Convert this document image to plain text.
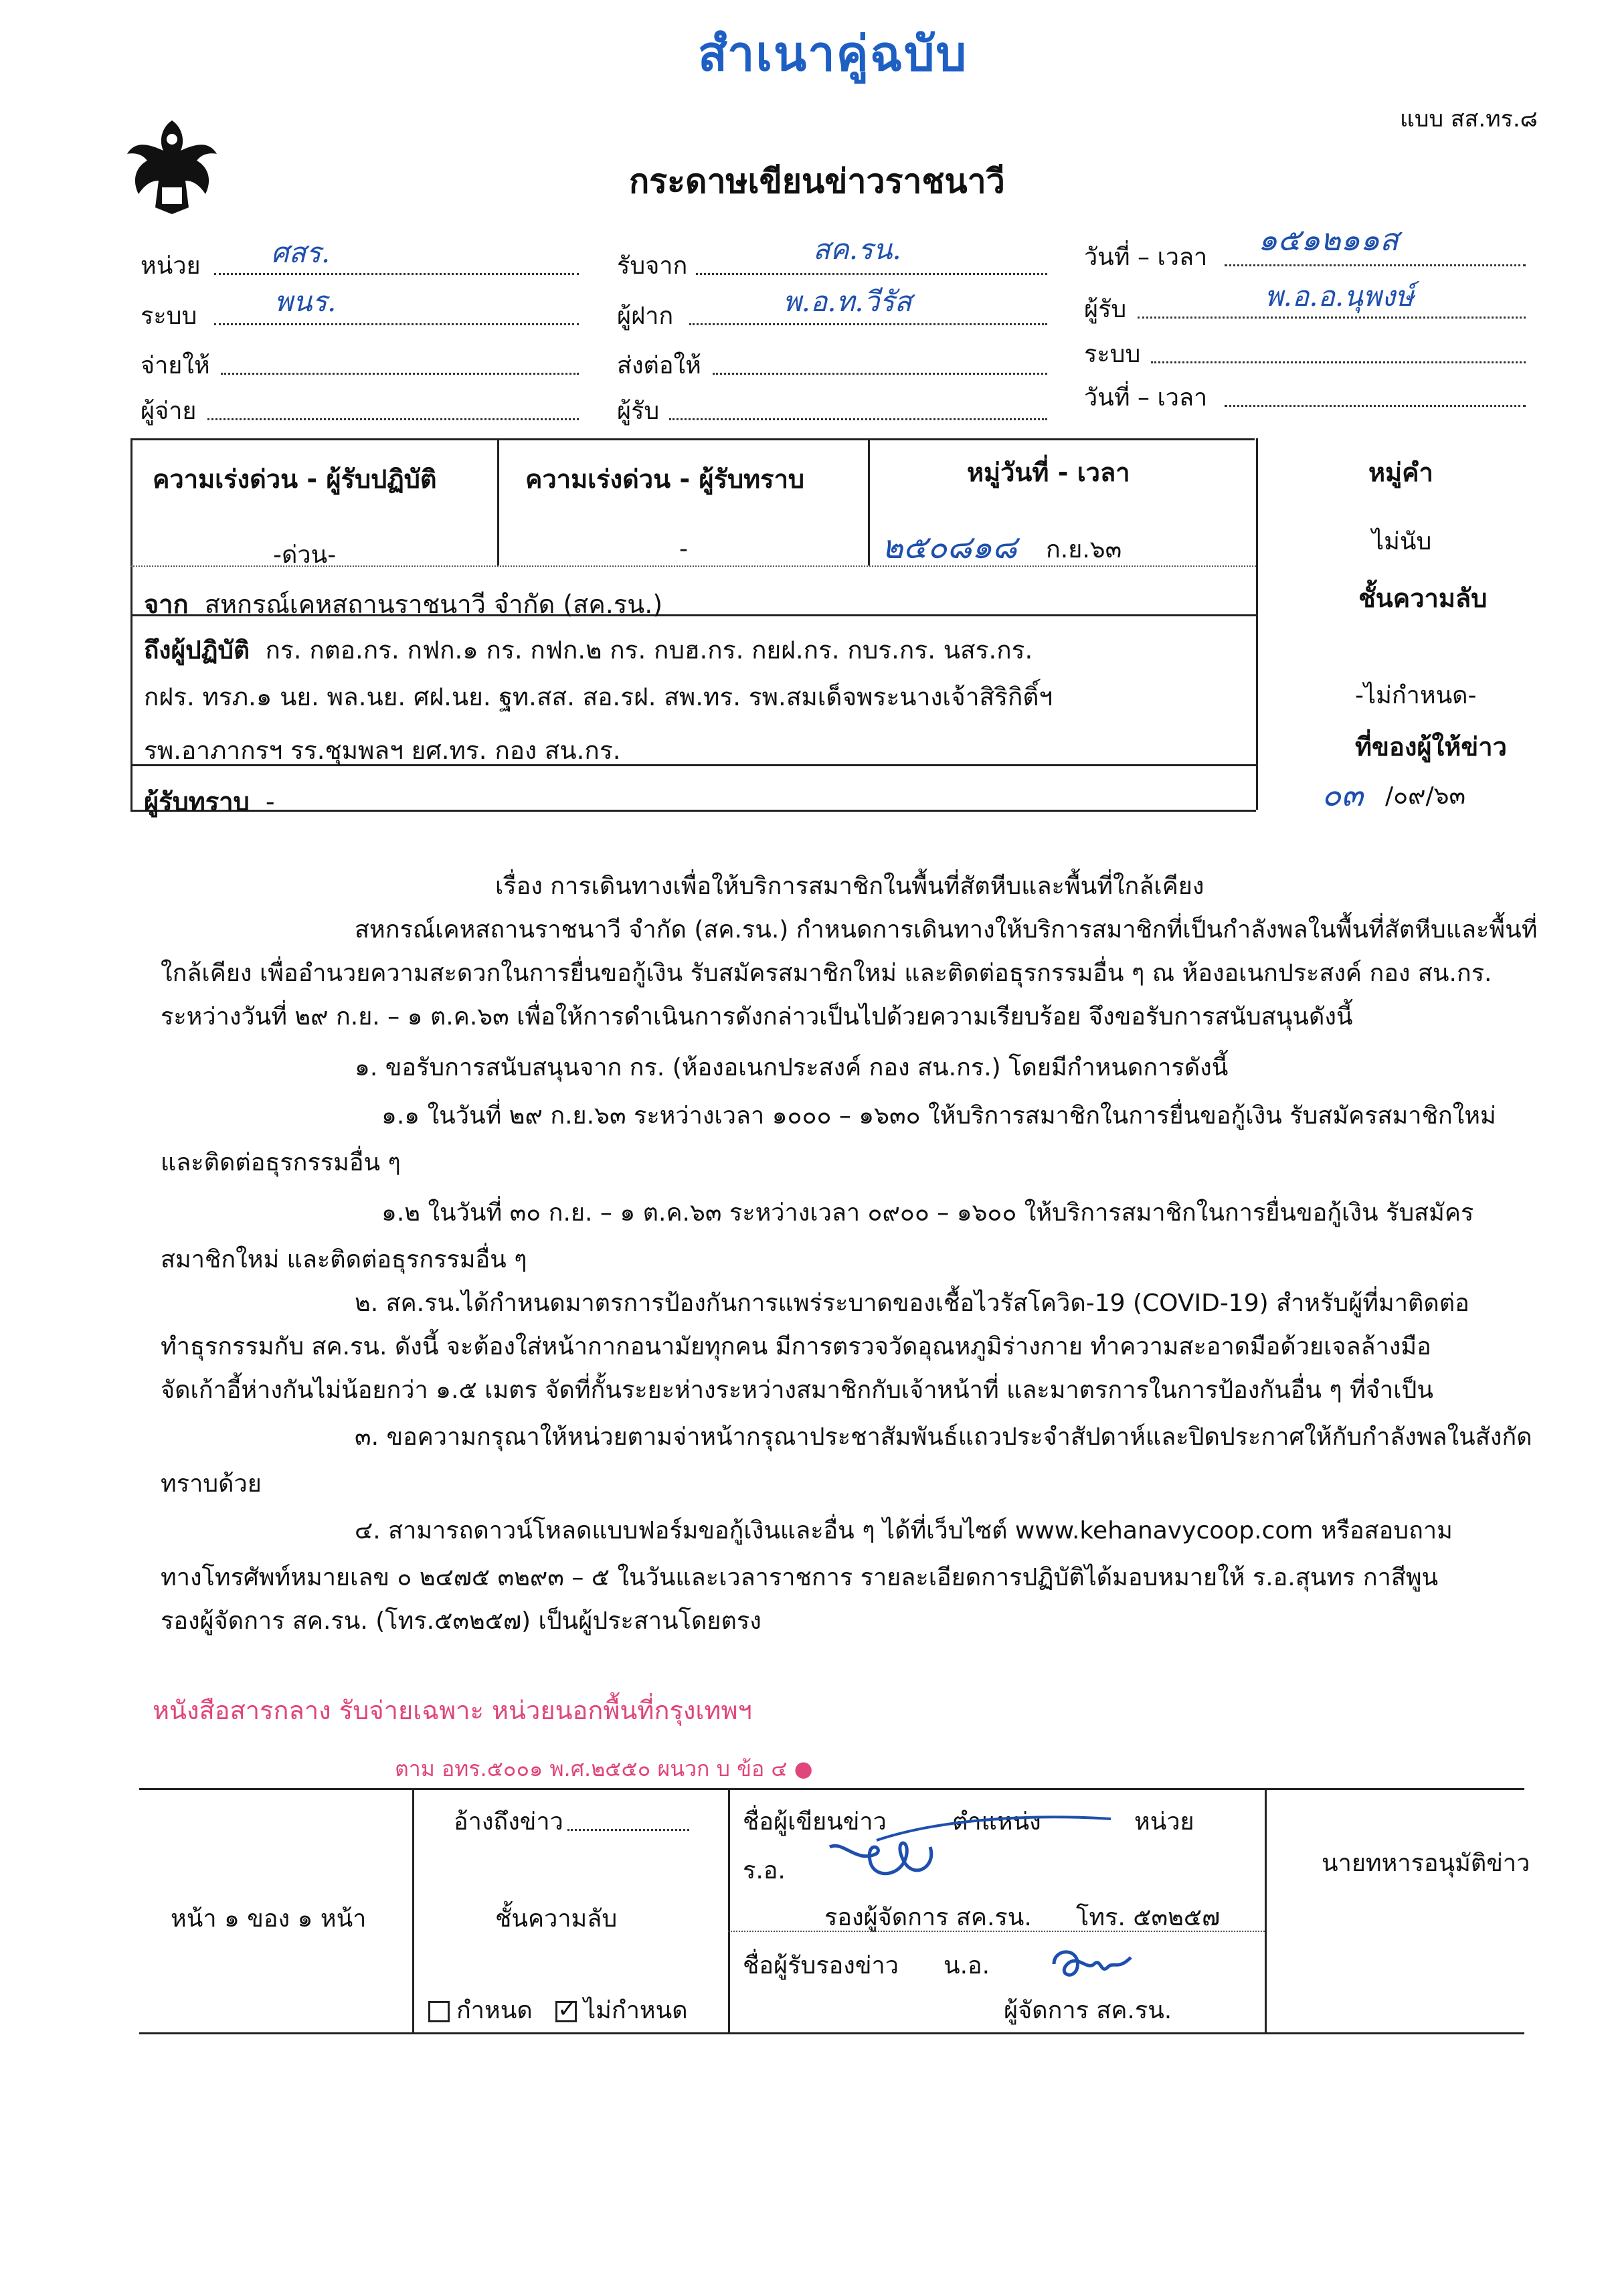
สำเนาคู่ฉบับ
แบบ สส.ทร.๘
กระดาษเขียนข่าวราชนาวี
หน่วย	ศสร.
ระบบ	พนร.
จ่ายให้
ผู้จ่าย
รับจาก
สค.รน.
ผู้ฝาก	พ.อ.ท.วีรัส
ส่งต่อให้
ผู้รับ
วันที่ – เวลา ๑๕๑๒๑๑ส
ผู้รับ	พ.อ.อ.นุพงษ์
ระบบ
วันที่ – เวลา
ความเร่งด่วน - ผู้รับปฏิบัติ
-ด่วน-
ความเร่งด่วน - ผู้รับทราบ
-
หมู่วันที่ - เวลา
๒๕๐๘๑๘ ก.ย.๖๓
หมู่คำ
ไม่นับ
ชั้นความลับ
-ไม่กำหนด-
ที่ของผู้ให้ข่าว
๐๓ /๐๙/๖๓
จาก สหกรณ์เคหสถานราชนาวี จำกัด (สค.รน.)
ถึงผู้ปฏิบัติ กร. กตอ.กร. กฟก.๑ กร. กฟก.๒ กร. กบฮ.กร. กยฝ.กร. กบร.กร. นสร.กร.
กฝร. ทรภ.๑ นย. พล.นย. ศฝ.นย. ฐท.สส. สอ.รฝ. สพ.ทร. รพ.สมเด็จพระนางเจ้าสิริกิติ์ฯ
รพ.อาภากรฯ รร.ชุมพลฯ ยศ.ทร. กอง สน.กร.
ผู้รับทราบ -
เรื่อง การเดินทางเพื่อให้บริการสมาชิกในพื้นที่สัตหีบและพื้นที่ใกล้เคียง
สหกรณ์เคหสถานราชนาวี จำกัด (สค.รน.) กำหนดการเดินทางให้บริการสมาชิกที่เป็นกำลังพลในพื้นที่สัตหีบและพื้นที่
ใกล้เคียง เพื่ออำนวยความสะดวกในการยื่นขอกู้เงิน รับสมัครสมาชิกใหม่ และติดต่อธุรกรรมอื่น ๆ ณ ห้องอเนกประสงค์ กอง สน.กร.
ระหว่างวันที่ ๒๙ ก.ย. – ๑ ต.ค.๖๓ เพื่อให้การดำเนินการดังกล่าวเป็นไปด้วยความเรียบร้อย จึงขอรับการสนับสนุนดังนี้
๑. ขอรับการสนับสนุนจาก กร. (ห้องอเนกประสงค์ กอง สน.กร.) โดยมีกำหนดการดังนี้
๑.๑ ในวันที่ ๒๙ ก.ย.๖๓ ระหว่างเวลา ๑๐๐๐ – ๑๖๓๐ ให้บริการสมาชิกในการยื่นขอกู้เงิน รับสมัครสมาชิกใหม่
และติดต่อธุรกรรมอื่น ๆ
๑.๒ ในวันที่ ๓๐ ก.ย. – ๑ ต.ค.๖๓ ระหว่างเวลา ๐๙๐๐ – ๑๖๐๐ ให้บริการสมาชิกในการยื่นขอกู้เงิน รับสมัคร
สมาชิกใหม่ และติดต่อธุรกรรมอื่น ๆ
๒. สค.รน.ได้กำหนดมาตรการป้องกันการแพร่ระบาดของเชื้อไวรัสโควิด-19 (COVID-19) สำหรับผู้ที่มาติดต่อ
ทำธุรกรรมกับ สค.รน. ดังนี้ จะต้องใส่หน้ากากอนามัยทุกคน มีการตรวจวัดอุณหภูมิร่างกาย ทำความสะอาดมือด้วยเจลล้างมือ
จัดเก้าอี้ห่างกันไม่น้อยกว่า ๑.๕ เมตร จัดที่กั้นระยะห่างระหว่างสมาชิกกับเจ้าหน้าที่ และมาตรการในการป้องกันอื่น ๆ ที่จำเป็น
๓. ขอความกรุณาให้หน่วยตามจ่าหน้ากรุณาประชาสัมพันธ์แถวประจำสัปดาห์และปิดประกาศให้กับกำลังพลในสังกัด
ทราบด้วย
๔. สามารถดาวน์โหลดแบบฟอร์มขอกู้เงินและอื่น ๆ ได้ที่เว็บไซต์ www.kehanavycoop.com หรือสอบถาม
ทางโทรศัพท์หมายเลข ๐ ๒๔๗๕ ๓๒๙๓ – ๕ ในวันและเวลาราชการ รายละเอียดการปฏิบัติได้มอบหมายให้ ร.อ.สุนทร กาสีพูน
รองผู้จัดการ สค.รน. (โทร.๕๓๒๕๗) เป็นผู้ประสานโดยตรง
หนังสือสารกลาง รับจ่ายเฉพาะ หน่วยนอกพื้นที่กรุงเทพฯ
ตาม อทร.๕๐๐๑ พ.ศ.๒๕๕๐ ผนวก บ ข้อ ๔ ●
หน้า ๑ ของ ๑ หน้า
อ้างถึงข่าว
ชั้นความลับ
กำหนด   ✓ ไม่กำหนด
ชื่อผู้เขียนข่าว	ตำแหน่ง	หน่วย
ร.อ.
รองผู้จัดการ สค.รน. โทร. ๕๓๒๕๗
ชื่อผู้รับรองข่าว น.อ.
ผู้จัดการ สค.รน.
นายทหารอนุมัติข่าว
